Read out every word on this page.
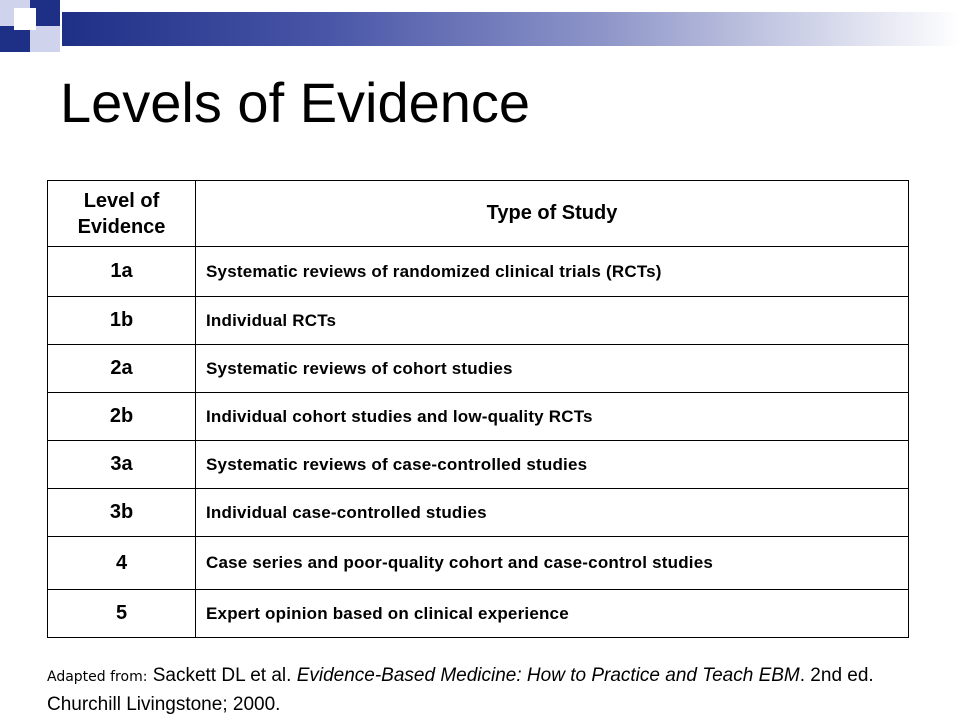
Levels of Evidence
Level of Evidence	Type of Study
1a	Systematic reviews of randomized clinical trials (RCTs)
1b	Individual RCTs
2a	Systematic reviews of cohort studies
2b	Individual cohort studies and low-quality RCTs
3a	Systematic reviews of case-controlled studies
3b	Individual case-controlled studies
4	Case series and poor-quality cohort and case-control studies
5	Expert opinion based on clinical experience

Adapted from: Sackett DL et al. Evidence-Based Medicine: How to Practice and Teach EBM. 2nd ed. Churchill Livingstone; 2000.
